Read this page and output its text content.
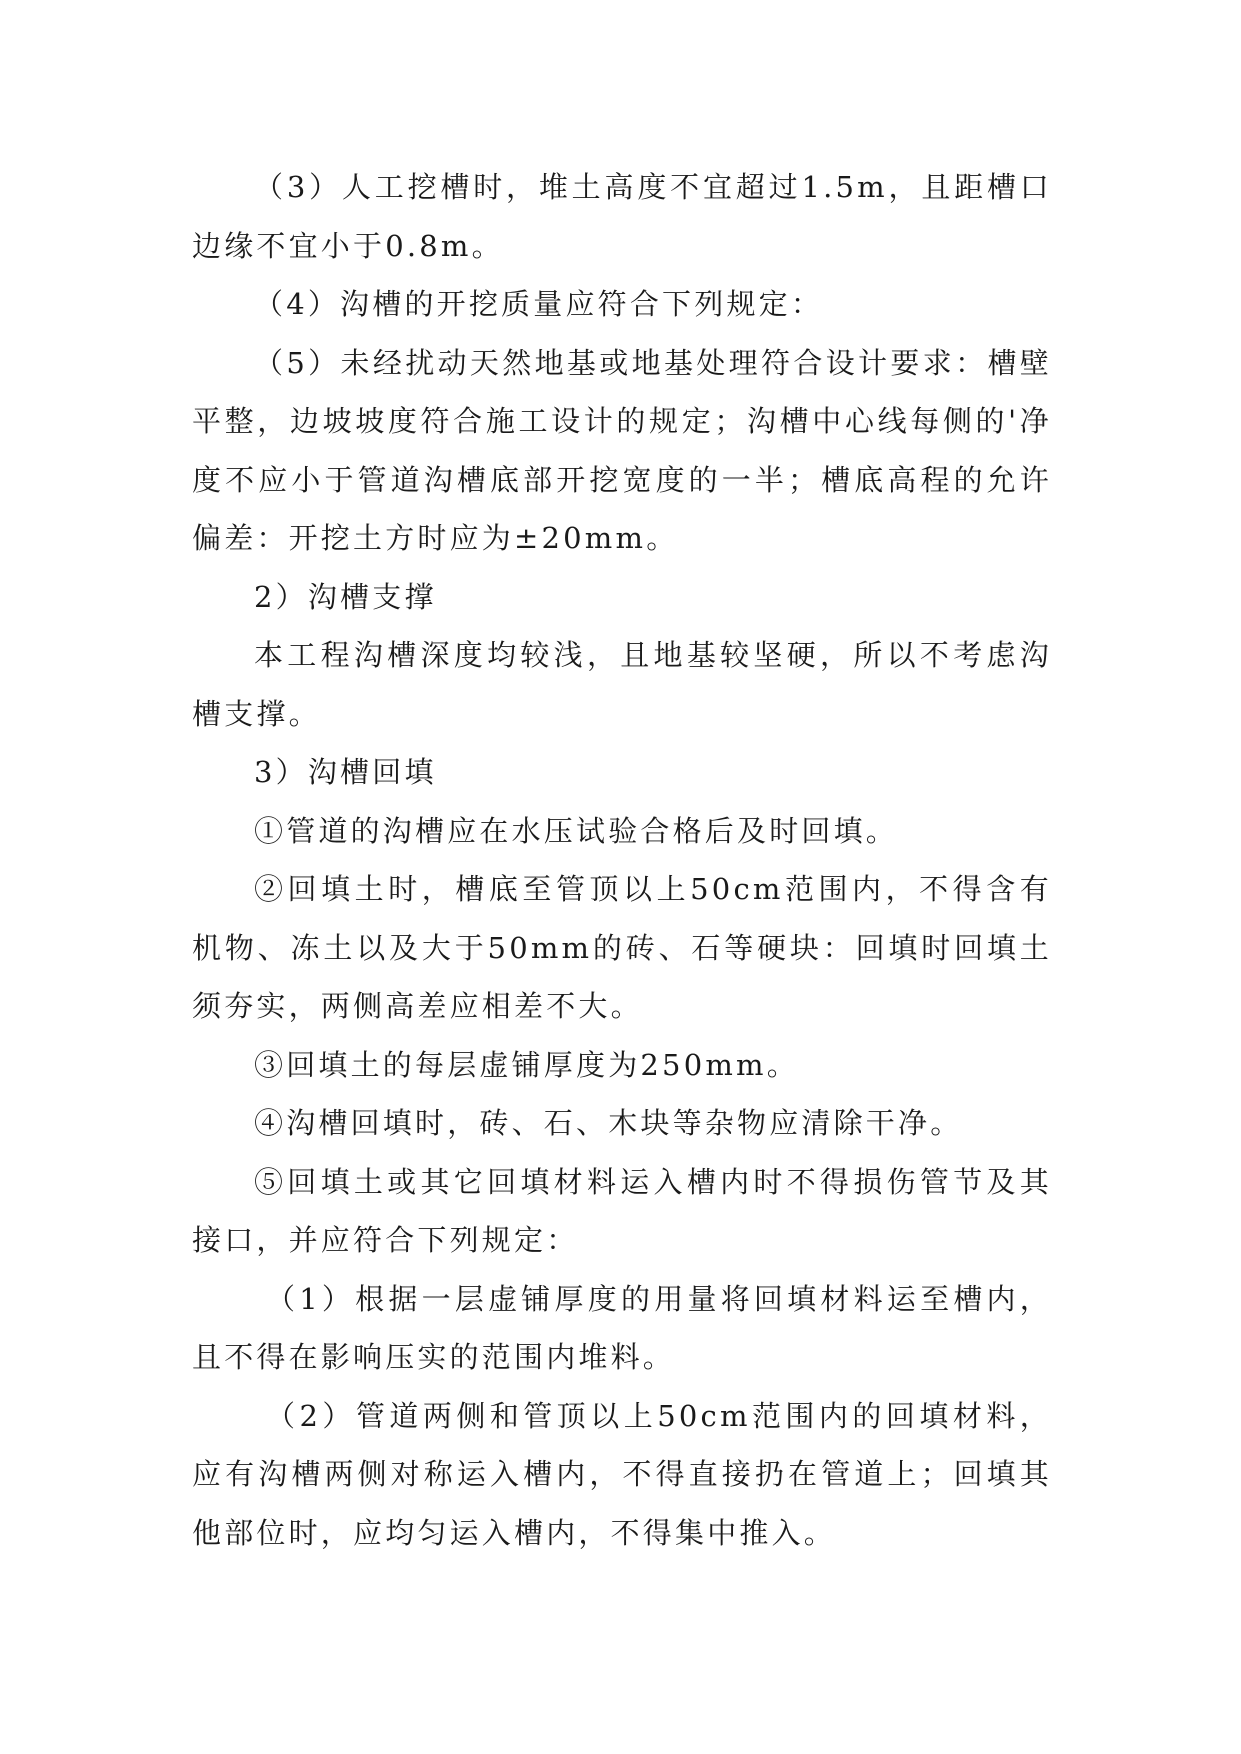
（3）人工挖槽时，堆土高度不宜超过1.5m，且距槽口边缘不宜小于0.8m。

（4）沟槽的开挖质量应符合下列规定：

（5）未经扰动天然地基或地基处理符合设计要求：槽壁平整，边坡坡度符合施工设计的规定；沟槽中心线每侧的'净度不应小于管道沟槽底部开挖宽度的一半；槽底高程的允许偏差：开挖土方时应为±20mm。

2）沟槽支撑

本工程沟槽深度均较浅，且地基较坚硬，所以不考虑沟槽支撑。

3）沟槽回填

①管道的沟槽应在水压试验合格后及时回填。

②回填土时，槽底至管顶以上50cm范围内，不得含有机物、冻土以及大于50mm的砖、石等硬块：回填时回填土须夯实，两侧高差应相差不大。

③回填土的每层虚铺厚度为250mm。

④沟槽回填时，砖、石、木块等杂物应清除干净。

⑤回填土或其它回填材料运入槽内时不得损伤管节及其接口，并应符合下列规定：

（1）根据一层虚铺厚度的用量将回填材料运至槽内，且不得在影响压实的范围内堆料。

（2）管道两侧和管顶以上50cm范围内的回填材料，应有沟槽两侧对称运入槽内，不得直接扔在管道上；回填其他部位时，应均匀运入槽内，不得集中推入。
